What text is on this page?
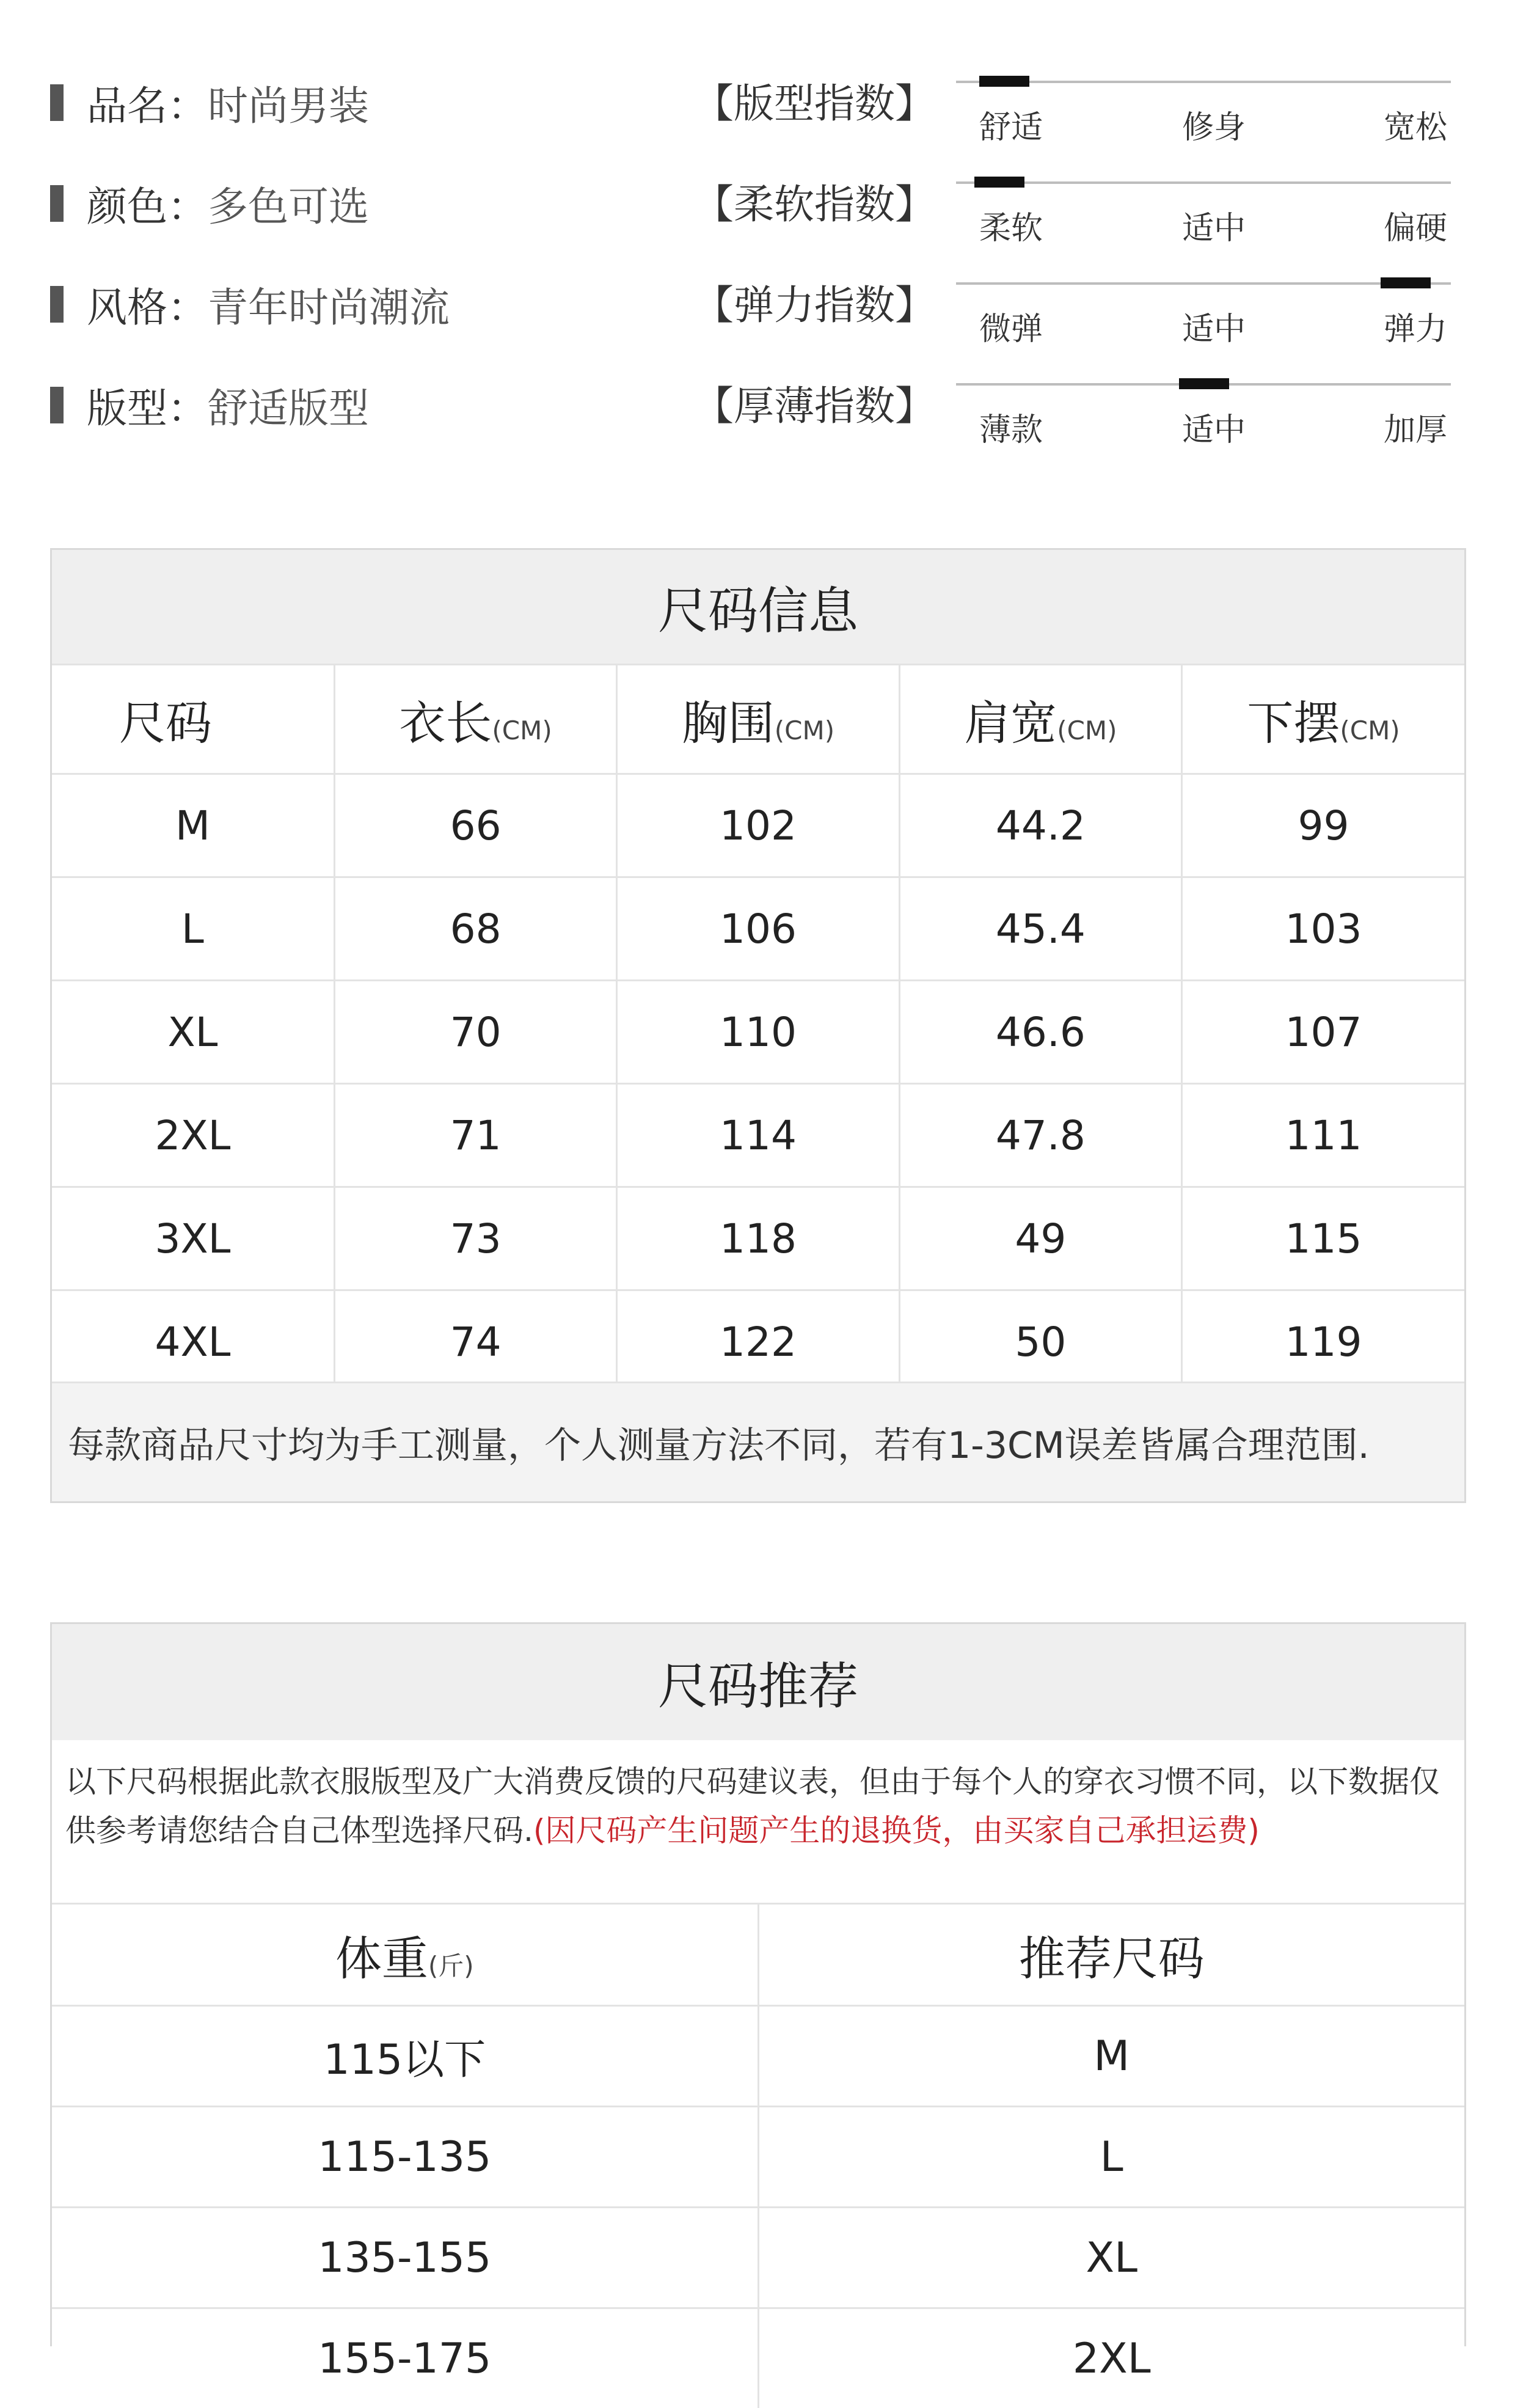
品名：时尚男装	【版型指数】
舒适	修身	宽松
颜色：多色可选	【柔软指数】
柔软	适中	偏硬
风格：青年时尚潮流	【弹力指数】
微弹	适中	弹力
版型：舒适版型	【厚薄指数】
薄款	适中	加厚
尺码信息
尺码	衣长(CM)	胸围(CM)	肩宽(CM)	下摆(CM)
M	66	102	44.2	99
L	68	106	45.4	103
XL	70	110	46.6	107
2XL	71	114	47.8	111
3XL	73	118	49	115
4XL	74	122	50	119
每款商品尺寸均为手工测量，个人测量方法不同，若有1-3CM误差皆属合理范围.
尺码推荐
以下尺码根据此款衣服版型及广大消费反馈的尺码建议表，但由于每个人的穿衣习惯不同，以下数据仅供参考请您结合自己体型选择尺码.(因尺码产生问题产生的退换货，由买家自己承担运费)
体重(斤)	推荐尺码
115以下	M
115-135	L
135-155	XL
155-175	2XL
